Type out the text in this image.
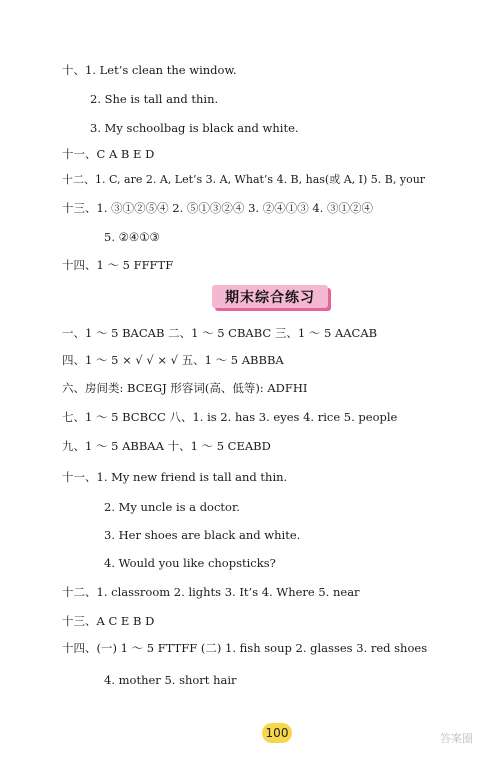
十、1. Let’s clean the window.
2. She is tall and thin.
3. My schoolbag is black and white.
十一、C A B E D
十二、1. C, are 2. A, Let’s 3. A, What’s 4. B, has(或 A, I) 5. B, your
十三、1. ③①②⑤④ 2. ⑤①③②④ 3. ②④①③ 4. ③①②④
5. ②④①③
十四、1 ～ 5 FFFTF
期末综合练习
一、1 ～ 5 BACAB 二、1 ～ 5 CBABC 三、1 ～ 5 AACAB
四、1 ～ 5 × √ √ × √ 五、1 ～ 5 ABBBA
六、房间类: BCEGJ 形容词(高、低等): ADFHI
七、1 ～ 5 BCBCC 八、1. is 2. has 3. eyes 4. rice 5. people
九、1 ～ 5 ABBAA 十、1 ～ 5 CEABD
十一、1. My new friend is tall and thin.
2. My uncle is a doctor.
3. Her shoes are black and white.
4. Would you like chopsticks?
十二、1. classroom 2. lights 3. It’s 4. Where 5. near
十三、A C E B D
十四、(一) 1 ～ 5 FTTFF (二) 1. fish soup 2. glasses 3. red shoes
4. mother 5. short hair
100	答案圈
